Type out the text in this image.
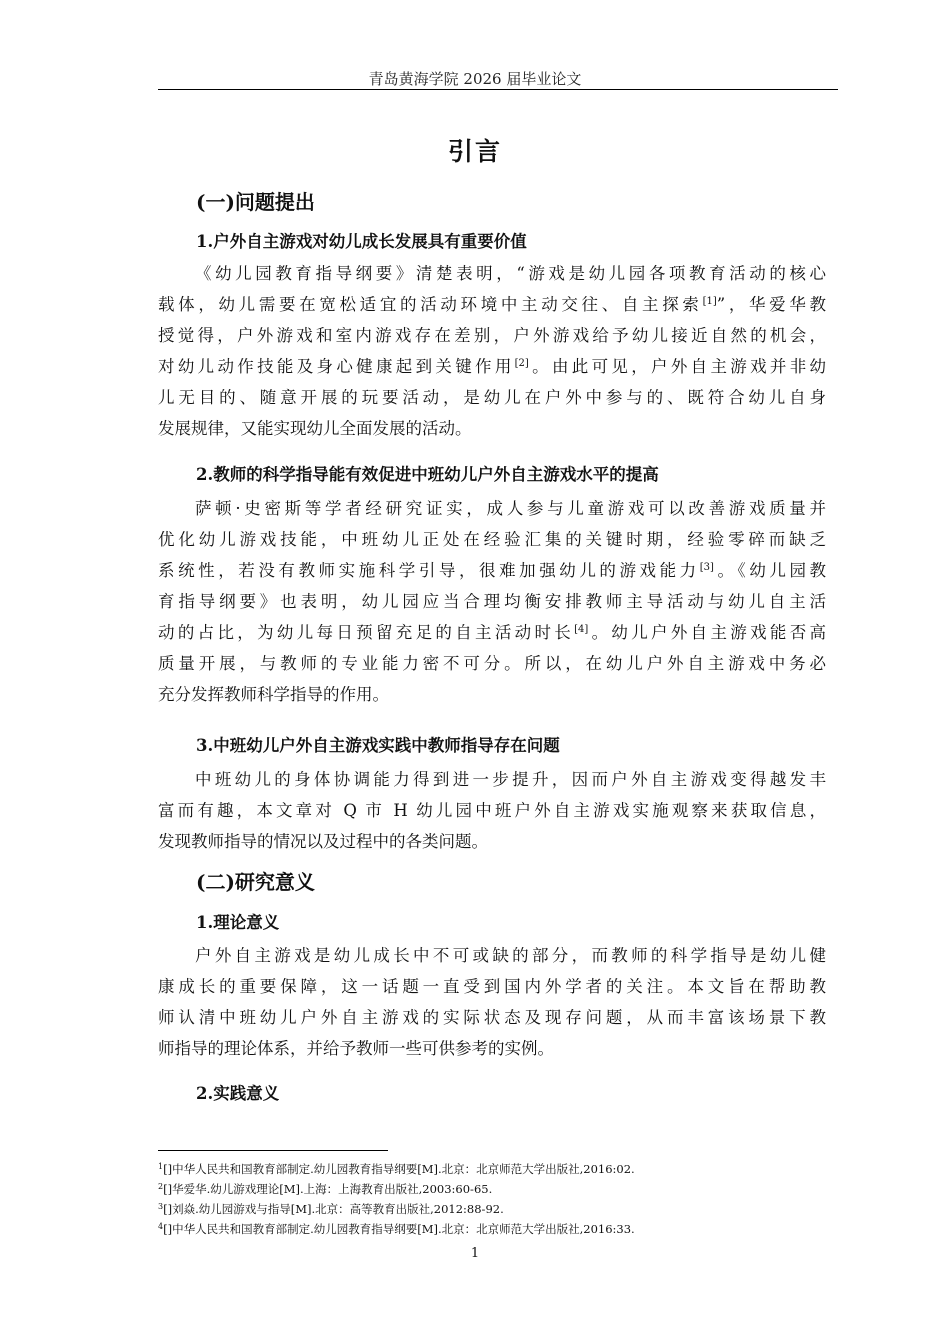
青岛黄海学院 2026 届毕业论文
引言
(一)问题提出
1.户外自主游戏对幼儿成长发展具有重要价值
《幼儿园教育指导纲要》清楚表明，“游戏是幼儿园各项教育活动的核心
载体，幼儿需要在宽松适宜的活动环境中主动交往、自主探索[1]”，华爱华教
授觉得，户外游戏和室内游戏存在差别，户外游戏给予幼儿接近自然的机会，
对幼儿动作技能及身心健康起到关键作用[2]。由此可见，户外自主游戏并非幼
儿无目的、随意开展的玩要活动，是幼儿在户外中参与的、既符合幼儿自身
发展规律，又能实现幼儿全面发展的活动。
2.教师的科学指导能有效促进中班幼儿户外自主游戏水平的提高
萨顿·史密斯等学者经研究证实，成人参与儿童游戏可以改善游戏质量并
优化幼儿游戏技能，中班幼儿正处在经验汇集的关键时期，经验零碎而缺乏
系统性，若没有教师实施科学引导，很难加强幼儿的游戏能力[3]。《幼儿园教
育指导纲要》也表明，幼儿园应当合理均衡安排教师主导活动与幼儿自主活
动的占比，为幼儿每日预留充足的自主活动时长[4]。幼儿户外自主游戏能否高
质量开展，与教师的专业能力密不可分。所以，在幼儿户外自主游戏中务必
充分发挥教师科学指导的作用。
3.中班幼儿户外自主游戏实践中教师指导存在问题
中班幼儿的身体协调能力得到进一步提升，因而户外自主游戏变得越发丰
富而有趣，本文章对 Q 市 H 幼儿园中班户外自主游戏实施观察来获取信息，
发现教师指导的情况以及过程中的各类问题。
(二)研究意义
1.理论意义
户外自主游戏是幼儿成长中不可或缺的部分，而教师的科学指导是幼儿健
康成长的重要保障，这一话题一直受到国内外学者的关注。本文旨在帮助教
师认清中班幼儿户外自主游戏的实际状态及现存问题，从而丰富该场景下教
师指导的理论体系，并给予教师一些可供参考的实例。
2.实践意义
$^1$[]中华人民共和国教育部制定.幼儿园教育指导纲要[M].北京：北京师范大学出版社,2016:02.
$^2$[]华爱华.幼儿游戏理论[M].上海：上海教育出版社,2003:60-65.
$^3$[]刘焱.幼儿园游戏与指导[M].北京：高等教育出版社,2012:88-92.
$^4$[]中华人民共和国教育部制定.幼儿园教育指导纲要[M].北京：北京师范大学出版社,2016:33.
1
